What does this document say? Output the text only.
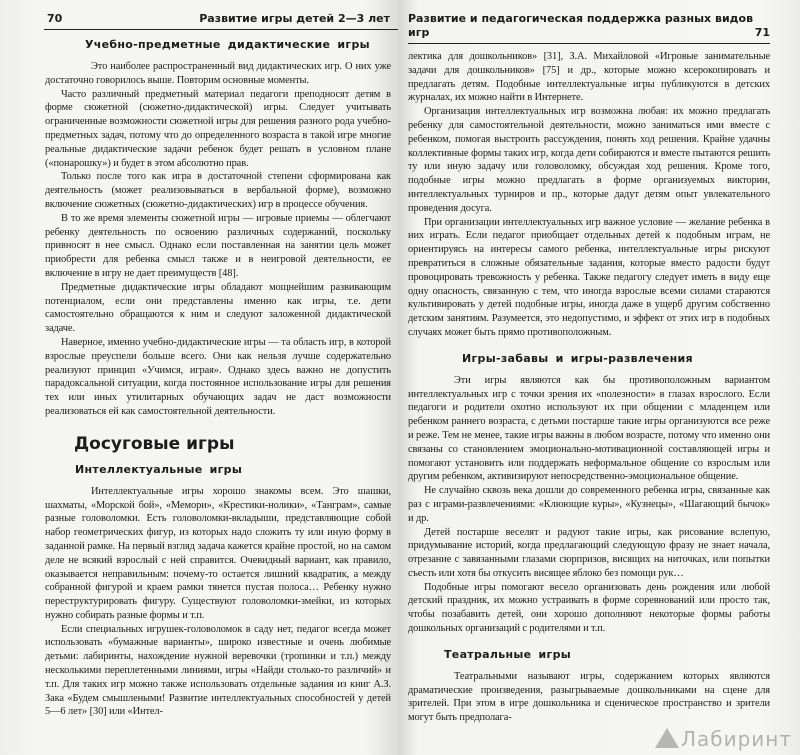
70	Развитие игры детей 2—3 лет
Учебно-предметные дидактические игры

Это наиболее распространенный вид дидактических игр. О них уже достаточно говорилось выше. Повторим основные моменты.

Часто различный предметный материал педагоги преподносят детям в форме сюжетной (сюжетно-дидактической) игры. Следует учитывать ограниченные возможности сюжетной игры для решения разного рода учебно-предметных задач, потому что до определенного возраста в такой игре многие реальные дидактические задачи ребенок будет решать в условном плане («понарошку») и будет в этом абсолютно прав.

Только после того как игра в достаточной степени сформирована как деятельность (может реализовываться в вербальной форме), возможно включение сюжетных (сюжетно-дидактических) игр в процессе обучения.

В то же время элементы сюжетной игры — игровые приемы — облегчают ребенку деятельность по освоению различных содержаний, поскольку привносят в нее смысл. Однако если поставленная на занятии цель может приобрести для ребенка смысл также и в неигровой деятельности, ее включение в игру не дает преимуществ [48].

Предметные дидактические игры обладают мощнейшим развивающим потенциалом, если они представлены именно как игры, т.е. дети самостоятельно обращаются к ним и следуют заложенной дидактической задаче.

Наверное, именно учебно-дидактические игры — та область игр, в которой взрослые преуспели больше всего. Они как нельзя лучше содержательно реализуют принцип «Учимся, играя». Однако здесь важно не допустить парадоксальной ситуации, когда постоянное использование игры для решения тех или иных утилитарных обучающих задач не даст возможности реализоваться ей как самостоятельной деятельности.

Досуговые игры
Интеллектуальные игры

Интеллектуальные игры хорошо знакомы всем. Это шашки, шахматы, «Морской бой», «Мемори», «Крестики-нолики», «Танграм», самые разные головоломки. Есть головоломки-вкладыши, представляющие собой набор геометрических фигур, из которых надо сложить ту или иную форму в заданной рамке. На первый взгляд задача кажется крайне простой, но на самом деле не всякий взрослый с ней справится. Очевидный вариант, как правило, оказывается неправильным: почему-то остается лишний квадратик, а между собранной фигурой и краем рамки тянется пустая полоса… Ребенку нужно переструктурировать фигуру. Существуют головоломки-змейки, из которых нужно собирать разные формы и т.п.

Если специальных игрушек-головоломок в саду нет, педагог всегда может использовать «бумажные варианты», широко известные и очень любимые детьми: лабиринты, нахождение нужной веревочки (тропинки и т.п.) между несколькими переплетенными линиями, игры «Найди столько-то различий» и т.п. Для таких игр можно также использовать отдельные задания из книг А.З. Зака «Будем смышлеными! Развитие интеллектуальных способностей у детей 5—6 лет» [30] или «Интел-

Развитие и педагогическая поддержка разных видов игр	71

лектика для дошкольников» [31], З.А. Михайловой «Игровые занимательные задачи для дошкольников» [75] и др., которые можно ксерокопировать и предлагать детям. Подобные интеллектуальные игры публикуются в детских журналах, их можно найти в Интернете.

Организация интеллектуальных игр возможна любая: их можно предлагать ребенку для самостоятельной деятельности, можно заниматься ими вместе с ребенком, помогая выстроить рассуждения, понять ход решения. Крайне удачны коллективные формы таких игр, когда дети собираются и вместе пытаются решить ту или иную задачу или головоломку, обсуждая ход решения. Кроме того, подобные игры можно предлагать в форме организуемых викторин, интеллектуальных турниров и пр., которые дадут детям опыт увлекательного проведения досуга.

При организации интеллектуальных игр важное условие — желание ребенка в них играть. Если педагог приобщает отдельных детей к подобным играм, не ориентируясь на интересы самого ребенка, интеллектуальные игры рискуют превратиться в сложные обязательные задания, которые вместо радости будут провоцировать тревожность у ребенка. Также педагогу следует иметь в виду еще одну опасность, связанную с тем, что иногда взрослые всеми силами стараются культивировать у детей подобные игры, иногда даже в ущерб другим собственно детским занятиям. Разумеется, это недопустимо, и эффект от этих игр в подобных случаях может быть прямо противоположным.

Игры-забавы и игры-развлечения

Эти игры являются как бы противоположным вариантом интеллектуальных игр с точки зрения их «полезности» в глазах взрослого. Если педагоги и родители охотно используют их при общении с младенцем или ребенком раннего возраста, с детьми постарше такие игры организуются все реже и реже. Тем не менее, такие игры важны в любом возрасте, потому что именно они связаны со становлением эмоционально-мотивационной составляющей игры и помогают установить или поддержать неформальное общение со взрослым или другим ребенком, активизируют непосредственно-эмоциональное общение.

Не случайно сквозь века дошли до современного ребенка игры, связанные как раз с играми-развлечениями: «Клюющие куры», «Кузнецы», «Шагающий бычок» и др.

Детей постарше веселят и радуют такие игры, как рисование вслепую, придумывание историй, когда предлагающий следующую фразу не знает начала, отрезание с завязанными глазами сюрпризов, висящих на ниточках, или попытки съесть или хотя бы откусить висящее яблоко без помощи рук…

Подобные игры помогают весело организовать день рождения или любой детский праздник, их можно устраивать в форме соревнований или просто так, чтобы позабавить детей, они хорошо дополняют некоторые формы работы дошкольных организаций с родителями и т.п.

Театральные игры

Театральными называют игры, содержанием которых являются драматические произведения, разыгрываемые дошкольниками на сцене для зрителей. При этом в игре дошкольника и сценическое пространство и зрители могут быть предполага-

Лабиринт
